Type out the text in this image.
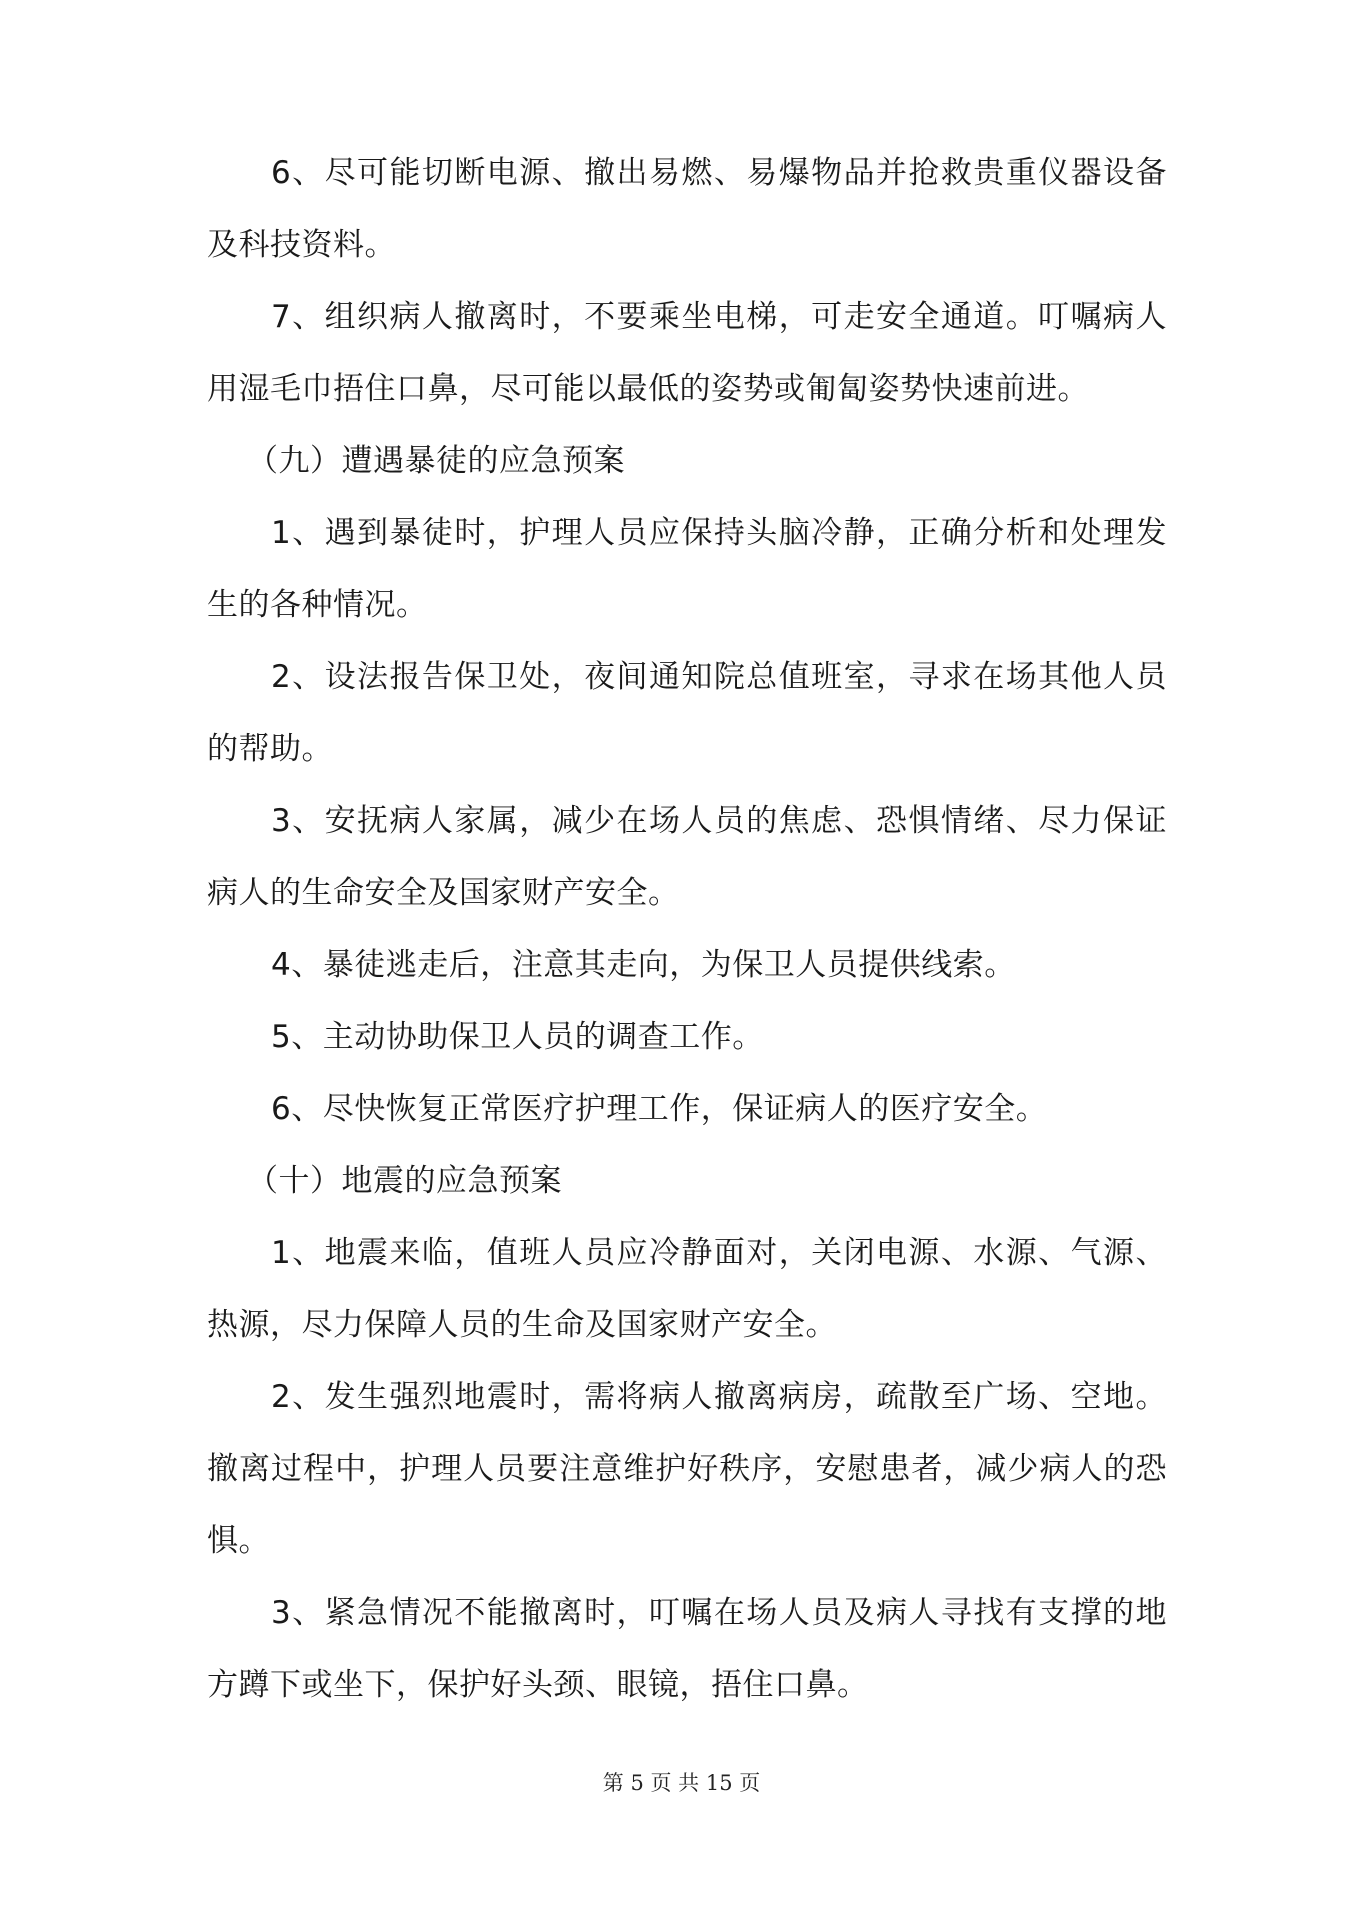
6、尽可能切断电源、撤出易燃、易爆物品并抢救贵重仪器设备及科技资料。

7、组织病人撤离时，不要乘坐电梯，可走安全通道。叮嘱病人用湿毛巾捂住口鼻，尽可能以最低的姿势或匍匐姿势快速前进。

（九）遭遇暴徒的应急预案

1、遇到暴徒时，护理人员应保持头脑冷静，正确分析和处理发生的各种情况。

2、设法报告保卫处，夜间通知院总值班室，寻求在场其他人员的帮助。

3、安抚病人家属，减少在场人员的焦虑、恐惧情绪、尽力保证病人的生命安全及国家财产安全。

4、暴徒逃走后，注意其走向，为保卫人员提供线索。

5、主动协助保卫人员的调查工作。

6、尽快恢复正常医疗护理工作，保证病人的医疗安全。

（十）地震的应急预案

1、地震来临，值班人员应冷静面对，关闭电源、水源、气源、热源，尽力保障人员的生命及国家财产安全。

2、发生强烈地震时，需将病人撤离病房，疏散至广场、空地。撤离过程中，护理人员要注意维护好秩序，安慰患者，减少病人的恐惧。

3、紧急情况不能撤离时，叮嘱在场人员及病人寻找有支撑的地方蹲下或坐下，保护好头颈、眼镜，捂住口鼻。

第 5 页 共 15 页
